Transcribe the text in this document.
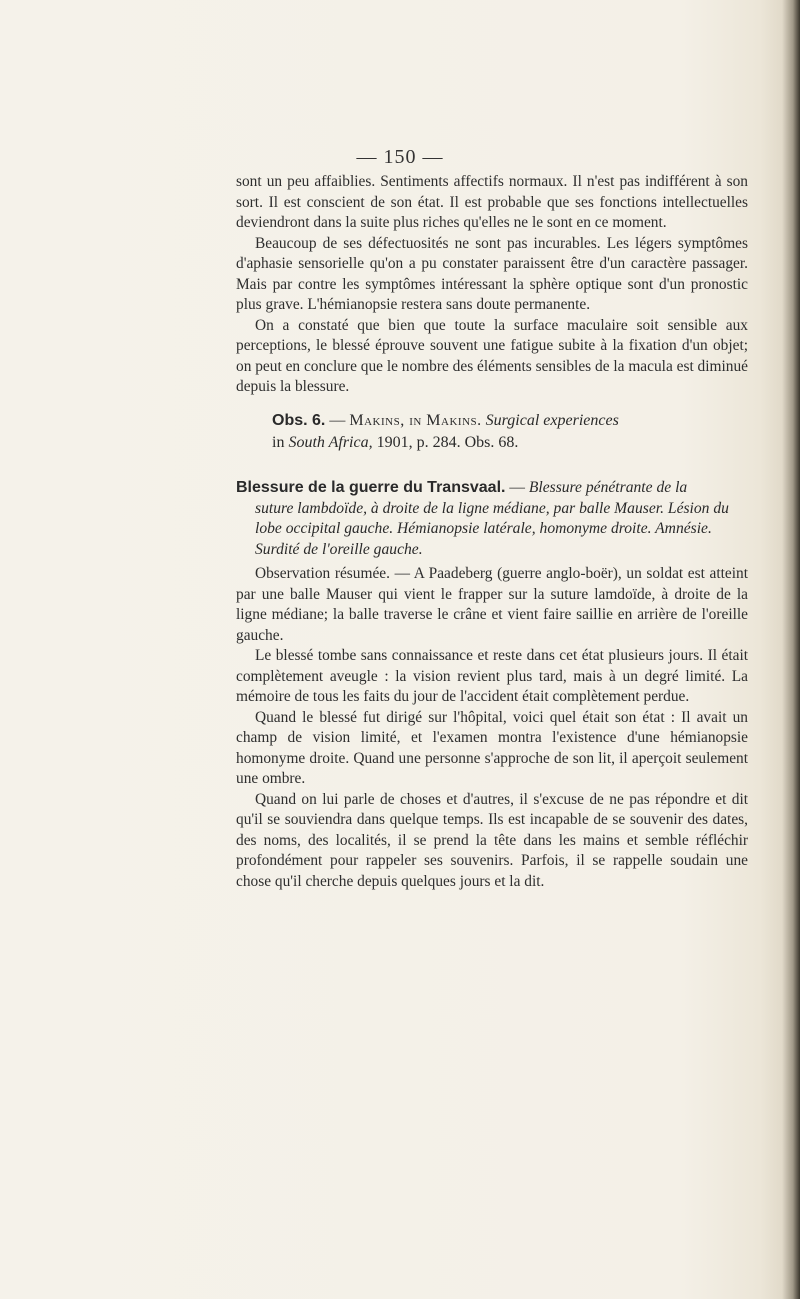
— 150 —

sont un peu affaiblies. Sentiments affectifs normaux. Il n'est pas indifférent à son sort. Il est conscient de son état. Il est probable que ses fonctions intellectuelles deviendront dans la suite plus riches qu'elles ne le sont en ce moment.

Beaucoup de ses défectuosités ne sont pas incurables. Les légers symptômes d'aphasie sensorielle qu'on a pu constater paraissent être d'un caractère passager. Mais par contre les symptômes intéressant la sphère optique sont d'un pronostic plus grave. L'hémianopsie restera sans doute permanente.

On a constaté que bien que toute la surface maculaire soit sensible aux perceptions, le blessé éprouve souvent une fatigue subite à la fixation d'un objet; on peut en conclure que le nombre des éléments sensibles de la macula est diminué depuis la blessure.

Obs. 6. — Makins, in Makins. Surgical experiences
in South Africa, 1901, p. 284. Obs. 68.
Blessure de la guerre du Transvaal. — Blessure pénétrante de la
suture lambdoïde, à droite de la ligne médiane, par balle Mauser. Lésion du lobe occipital gauche. Hémianopsie latérale, homonyme droite. Amnésie. Surdité de l'oreille gauche.

Observation résumée. — A Paadeberg (guerre anglo-boër), un soldat est atteint par une balle Mauser qui vient le frapper sur la suture lamdoïde, à droite de la ligne médiane; la balle traverse le crâne et vient faire saillie en arrière de l'oreille gauche.

Le blessé tombe sans connaissance et reste dans cet état plusieurs jours. Il était complètement aveugle : la vision revient plus tard, mais à un degré limité. La mémoire de tous les faits du jour de l'accident était complètement perdue.

Quand le blessé fut dirigé sur l'hôpital, voici quel était son état : Il avait un champ de vision limité, et l'examen montra l'existence d'une hémianopsie homonyme droite. Quand une personne s'approche de son lit, il aperçoit seulement une ombre.

Quand on lui parle de choses et d'autres, il s'excuse de ne pas répondre et dit qu'il se souviendra dans quelque temps. Ils est incapable de se souvenir des dates, des noms, des localités, il se prend la tête dans les mains et semble réfléchir profondément pour rappeler ses souvenirs. Parfois, il se rappelle soudain une chose qu'il cherche depuis quelques jours et la dit.
